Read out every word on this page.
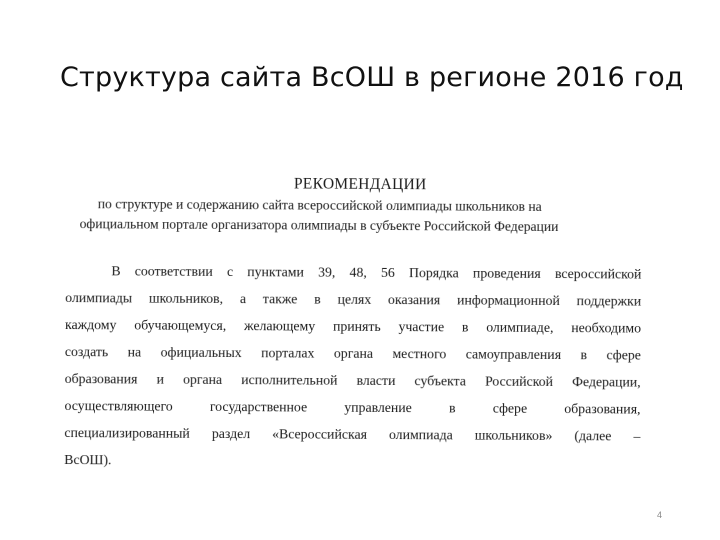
Структура сайта ВсОШ в регионе 2016 год
РЕКОМЕНДАЦИИ
по структуре и содержанию сайта всероссийской олимпиады школьников на
официальном портале организатора олимпиады в субъекте Российской Федерации
В соответствии с пунктами 39, 48, 56 Порядка проведения всероссийской
олимпиады школьников, а также в целях оказания информационной поддержки
каждому обучающемуся, желающему принять участие в олимпиаде, необходимо
создать на официальных порталах органа местного самоуправления в сфере
образования и органа исполнительной власти субъекта Российской Федерации,
осуществляющего государственное управление в сфере образования,
специализированный раздел «Всероссийская олимпиада школьников» (далее –
ВсОШ).
4
